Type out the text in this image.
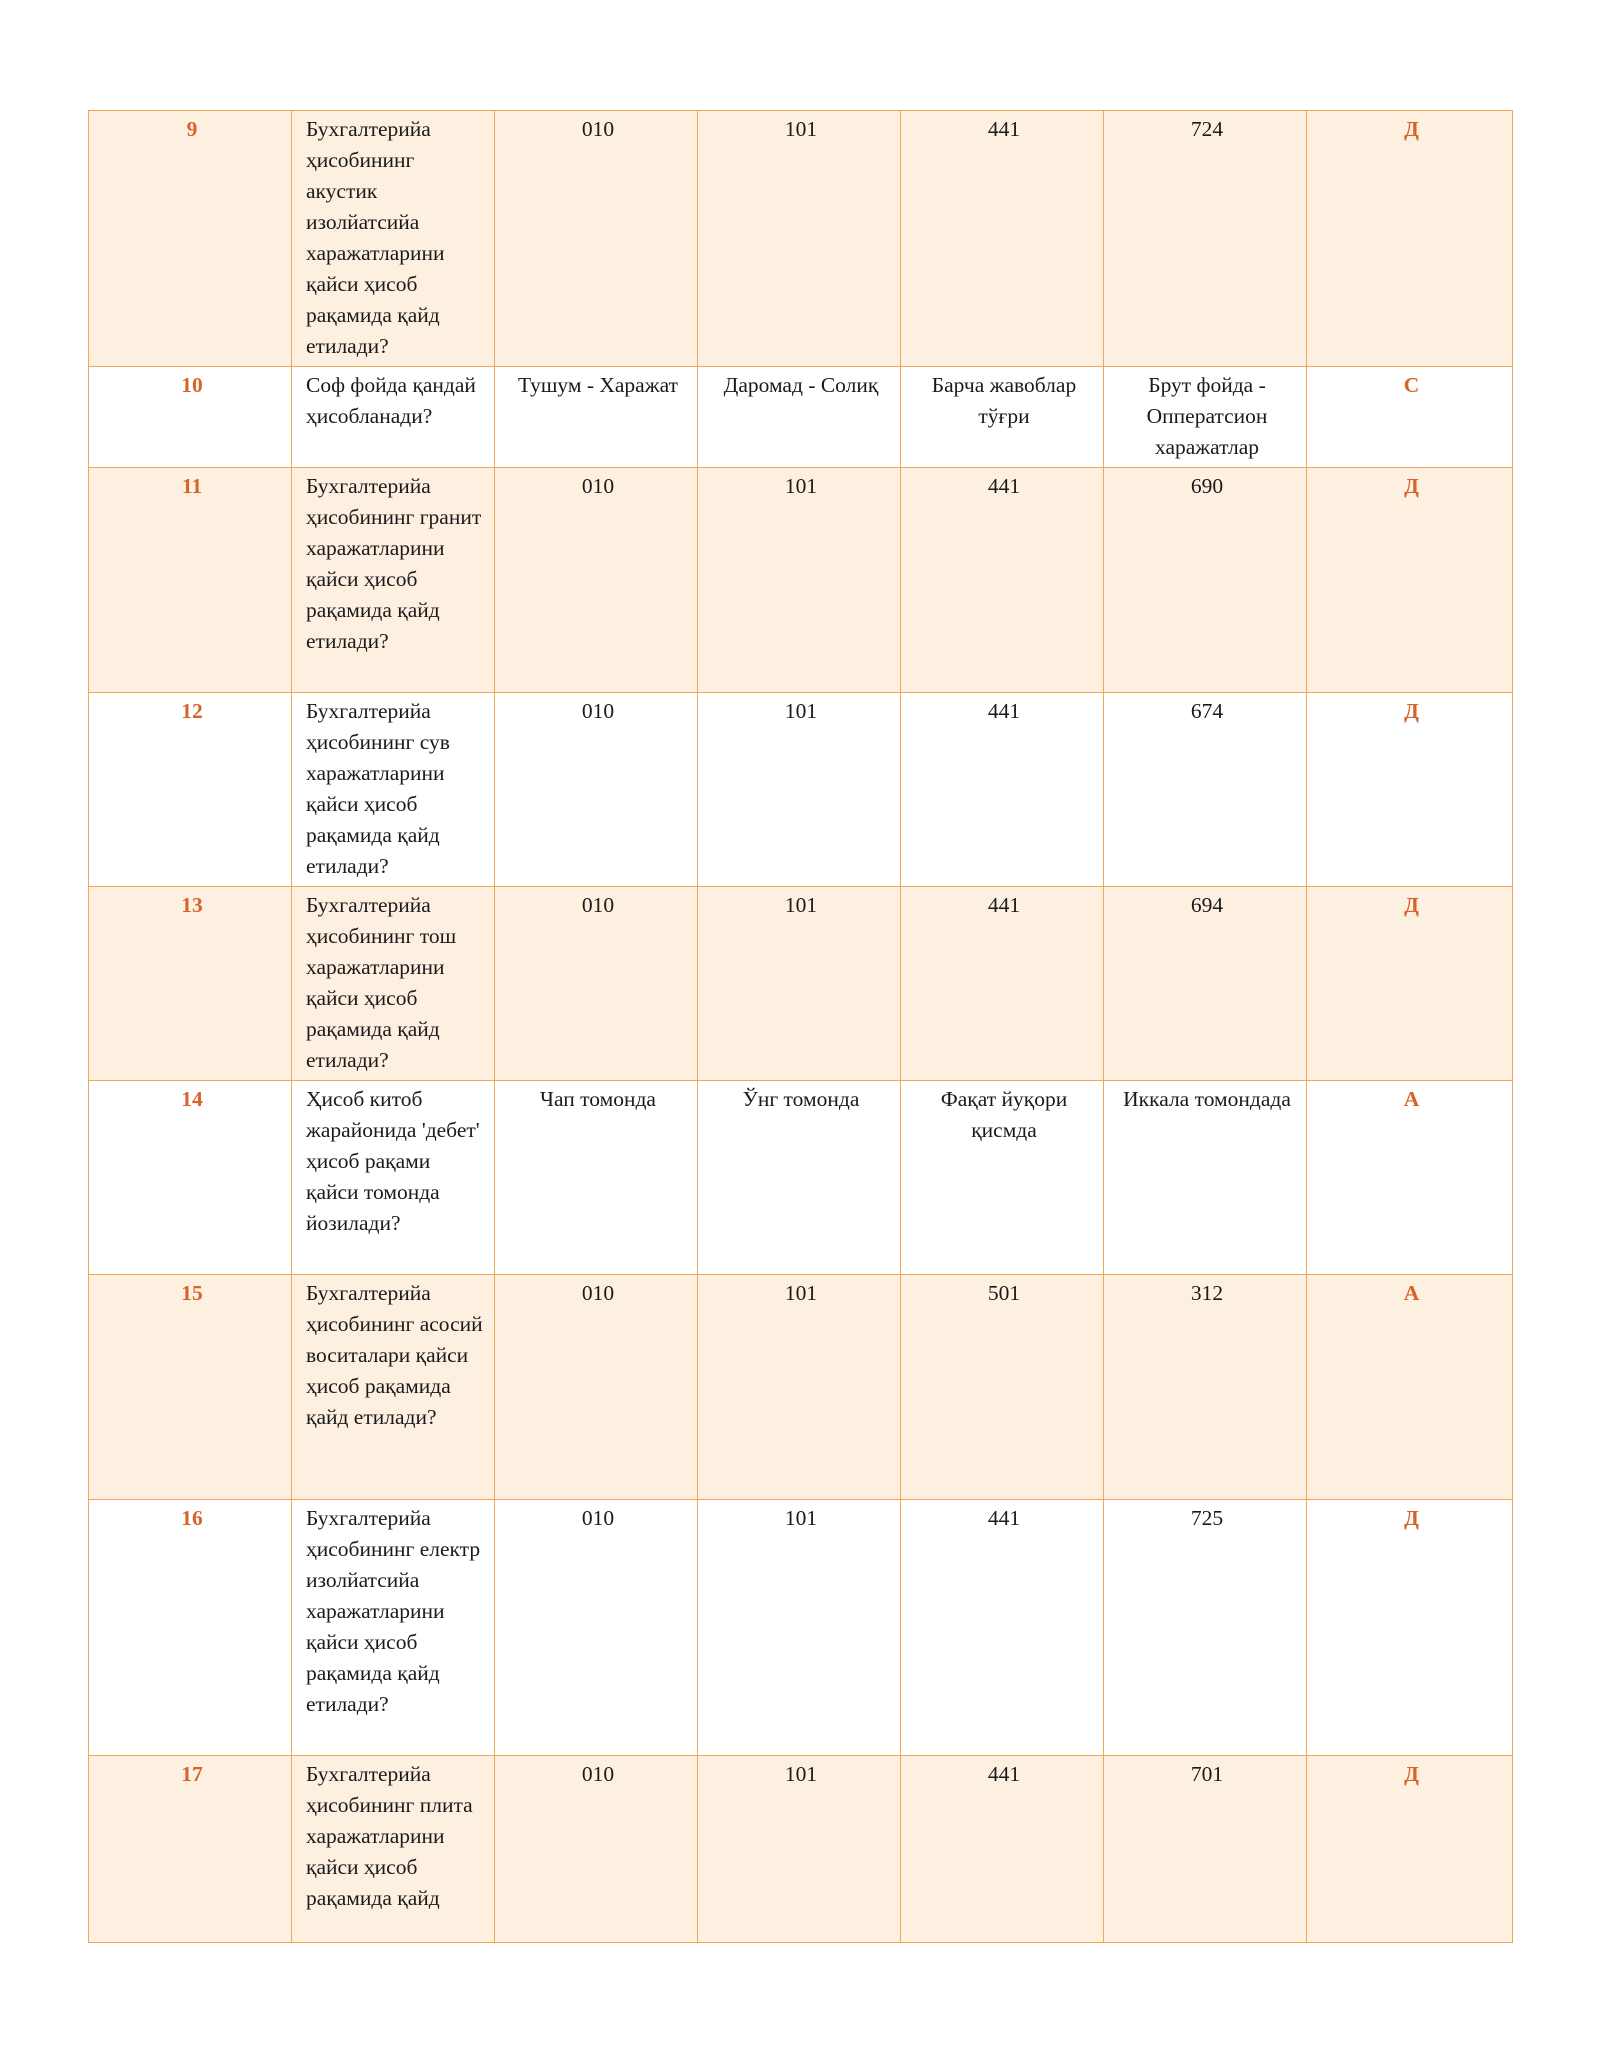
9	Бухгалтерийа ҳисобининг акустик изолйатсийа харажатларини қайси ҳисоб рақамида қайд етилади?	010	101	441	724	Д
10	Соф фойда қандай ҳисобланади?	Тушум - Харажат	Даромад - Солиқ	Барча жавоблар тўғри	Брут фойда - Опператсион харажатлар	С
11	Бухгалтерийа ҳисобининг гранит харажатларини қайси ҳисоб рақамида қайд етилади?	010	101	441	690	Д
12	Бухгалтерийа ҳисобининг сув харажатларини қайси ҳисоб рақамида қайд етилади?	010	101	441	674	Д
13	Бухгалтерийа ҳисобининг тош харажатларини қайси ҳисоб рақамида қайд етилади?	010	101	441	694	Д
14	Ҳисоб китоб жарайонида 'дебет' ҳисоб рақами қайси томонда йозилади?	Чап томонда	Ўнг томонда	Фақат йуқори қисмда	Иккала томондада	А
15	Бухгалтерийа ҳисобининг асосий воситалари қайси ҳисоб рақамида қайд етилади?	010	101	501	312	А
16	Бухгалтерийа ҳисобининг електр изолйатсийа харажатларини қайси ҳисоб рақамида қайд етилади?	010	101	441	725	Д
17	Бухгалтерийа ҳисобининг плита харажатларини қайси ҳисоб рақамида қайд	010	101	441	701	Д
